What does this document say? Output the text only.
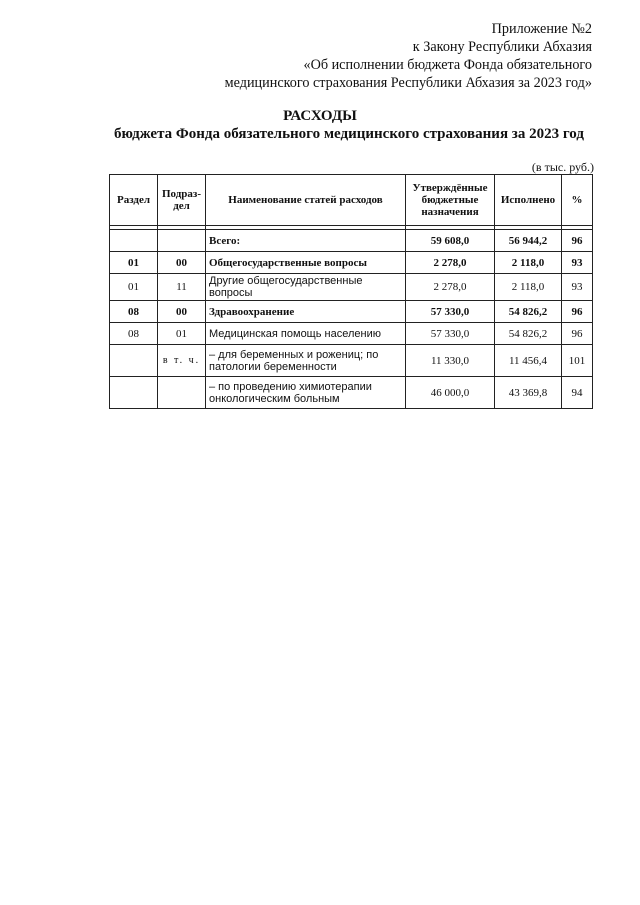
Приложение №2
к Закону Республики Абхазия
«Об исполнении бюджета Фонда обязательного
медицинского страхования Республики Абхазия за 2023 год»
РАСХОДЫ
бюджета Фонда обязательного медицинского страхования за 2023 год
(в тыс. руб.)
Раздел	Подраз-дел	Наименование статей расходов	Утверждённые бюджетные назначения	Исполнено	%

		Всего:	59 608,0	56 944,2	96
01	00	Общегосударственные вопросы	2 278,0	2 118,0	93
01	11	Другие общегосударственные вопросы	2 278,0	2 118,0	93
08	00	Здравоохранение	57 330,0	54 826,2	96
08	01	Медицинская помощь населению	57 330,0	54 826,2	96
	в т. ч.	– для беременных и рожениц; по патологии беременности	11 330,0	11 456,4	101
		– по проведению химиотерапии онкологическим больным	46 000,0	43 369,8	94
